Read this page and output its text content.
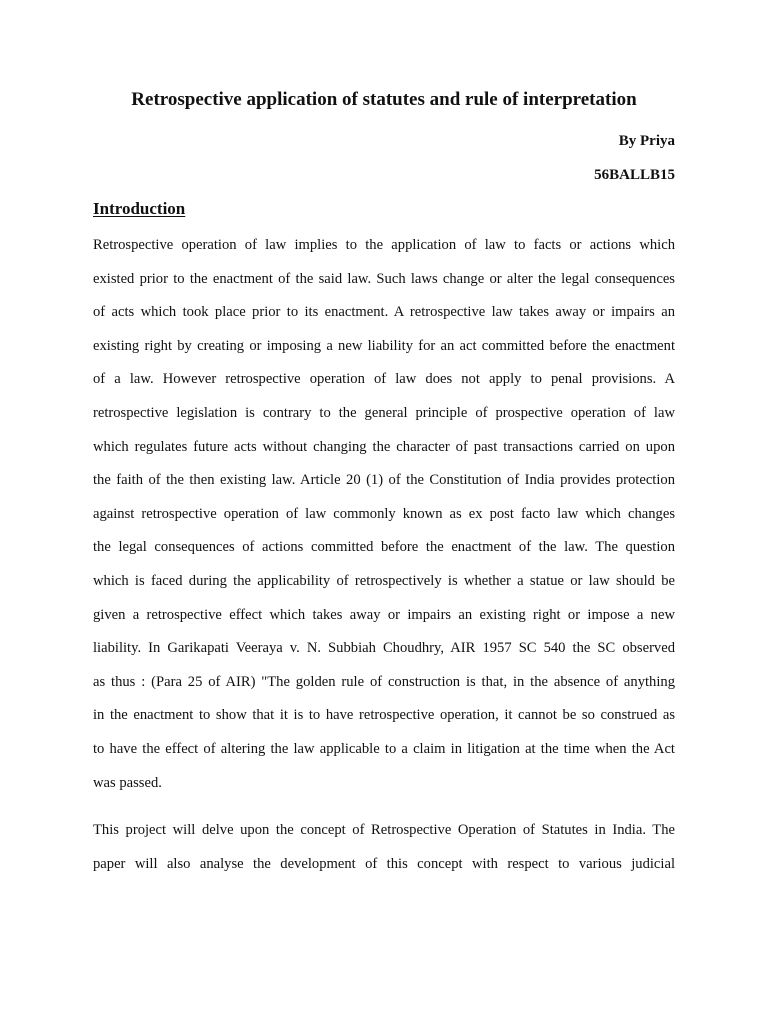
Retrospective application of statutes and rule of interpretation
By Priya
56BALLB15
Introduction
Retrospective operation of law implies to the application of law to facts or actions which
existed prior to the enactment of the said law. Such laws change or alter the legal consequences
of acts which took place prior to its enactment. A retrospective law takes away or impairs an
existing right by creating or imposing a new liability for an act committed before the enactment
of a law. However retrospective operation of law does not apply to penal provisions. A
retrospective legislation is contrary to the general principle of prospective operation of law
which regulates future acts without changing the character of past transactions carried on upon
the faith of the then existing law. Article 20 (1) of the Constitution of India provides protection
against retrospective operation of law commonly known as ex post facto law which changes
the legal consequences of actions committed before the enactment of the law. The question
which is faced during the applicability of retrospectively is whether a statue or law should be
given a retrospective effect which takes away or impairs an existing right or impose a new
liability. In Garikapati Veeraya v. N. Subbiah Choudhry, AIR 1957 SC 540 the SC observed
as thus : (Para 25 of AIR) "The golden rule of construction is that, in the absence of anything
in the enactment to show that it is to have retrospective operation, it cannot be so construed as
to have the effect of altering the law applicable to a claim in litigation at the time when the Act
was passed.
This project will delve upon the concept of Retrospective Operation of Statutes in India. The
paper will also analyse the development of this concept with respect to various judicial
